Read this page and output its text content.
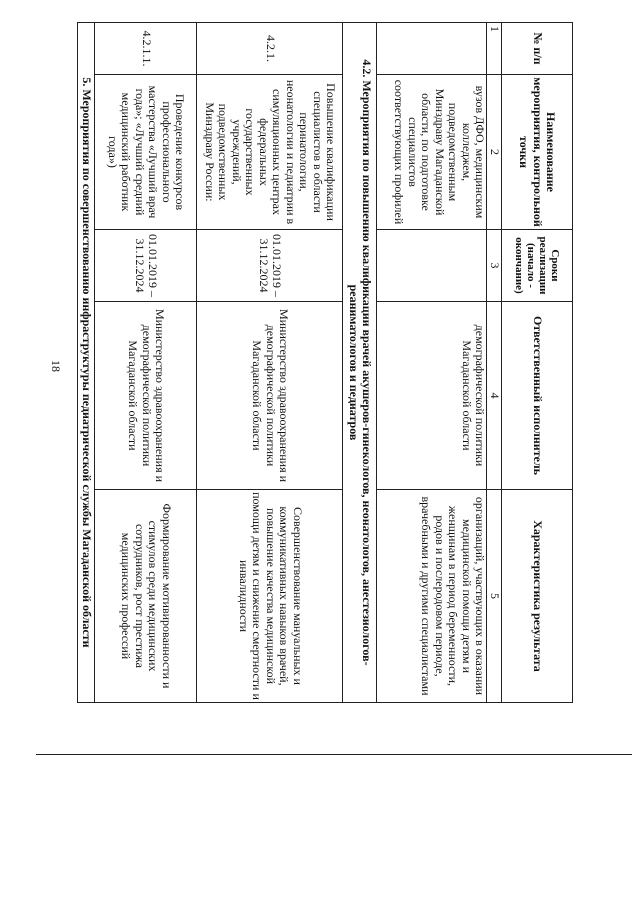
18
№ п/п	Наименование мероприятия, контрольной точки	Сроки реализации (начало - окончание)	Ответственный исполнитель	Характеристика результата
1	2	3	4	5
	вузов ДФО, медицинским колледжем, подведомственным Минздраву Магаданской области, по подготовке специалистов соответствующих профилей		демографической политики Магаданской области	организаций, участвующих в оказании медицинской помощи детям и женщинам в период беременности, родов и послеродовом периоде, врачебными и другими специалистами
4.2. Мероприятия по повышению квалификации врачей акушеров-гинекологов, неонатологов, анестезиологов-реаниматологов и педиатров				
4.2.1.	Повышение квалификации специалистов в области перинатологии, неонатологии и педиатрии в симуляционных центрах федеральных государственных учреждений, подведомственных Минздраву России:	01.01.2019 – 31.12.2024	Министерство здравоохранения и демографической политики Магаданской области	Совершенствование мануальных и коммуникативных навыков врачей, повышение качества медицинской помощи детям и снижение смертности и инвалидности
4.2.1.1.	Проведение конкурсов профессионального мастерства «Лучший врач года»; «Лучший средний медицинский работник года»)	01.01.2019 – 31.12.2024	Министерство здравоохранения и демографической политики Магаданской области	Формирование мотивированности и стимулов среди медицинских сотрудников, рост престижа медицинских профессий
5. Мероприятия по совершенствованию инфраструктуры педиатрической службы Магаданской области				
